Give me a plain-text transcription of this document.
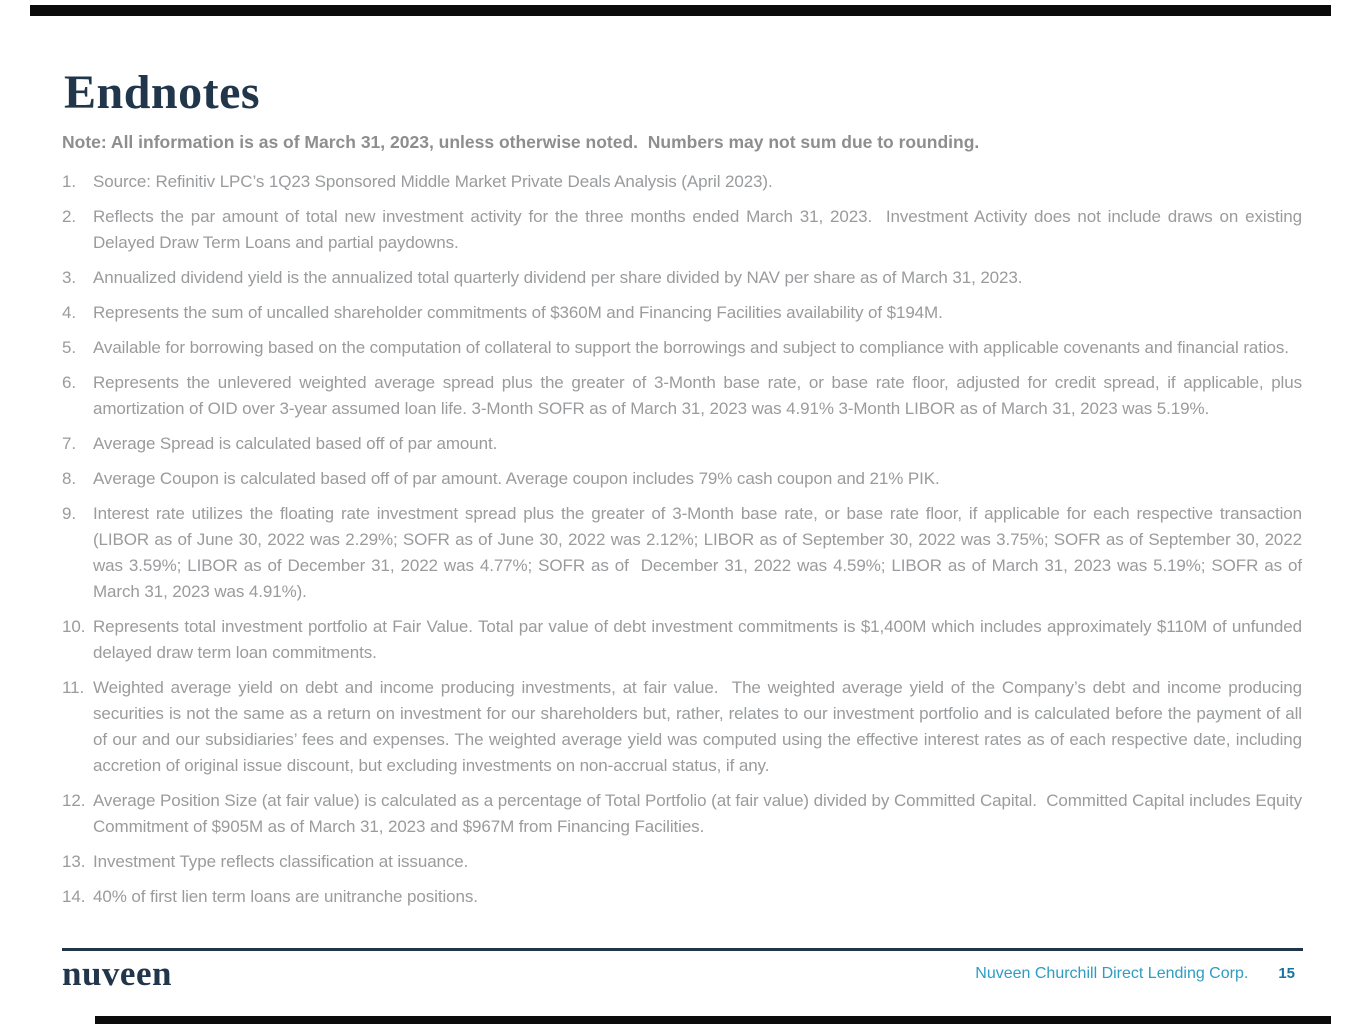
Endnotes

Note: All information is as of March 31, 2023, unless otherwise noted.  Numbers may not sum due to rounding.

1.	Source: Refinitiv LPC’s 1Q23 Sponsored Middle Market Private Deals Analysis (April 2023).
2.	Reflects the par amount of total new investment activity for the three months ended March 31, 2023.  Investment Activity does not include draws on existing Delayed Draw Term Loans and partial paydowns.
3.	Annualized dividend yield is the annualized total quarterly dividend per share divided by NAV per share as of March 31, 2023.
4.	Represents the sum of uncalled shareholder commitments of $360M and Financing Facilities availability of $194M.
5.	Available for borrowing based on the computation of collateral to support the borrowings and subject to compliance with applicable covenants and financial ratios.
6.	Represents the unlevered weighted average spread plus the greater of 3-Month base rate, or base rate floor, adjusted for credit spread, if applicable, plus amortization of OID over 3-year assumed loan life. 3-Month SOFR as of March 31, 2023 was 4.91% 3-Month LIBOR as of March 31, 2023 was 5.19%.
7.	Average Spread is calculated based off of par amount.
8.	Average Coupon is calculated based off of par amount. Average coupon includes 79% cash coupon and 21% PIK.
9.	Interest rate utilizes the floating rate investment spread plus the greater of 3-Month base rate, or base rate floor, if applicable for each respective transaction (LIBOR as of June 30, 2022 was 2.29%; SOFR as of June 30, 2022 was 2.12%; LIBOR as of September 30, 2022 was 3.75%; SOFR as of September 30, 2022 was 3.59%; LIBOR as of December 31, 2022 was 4.77%; SOFR as of  December 31, 2022 was 4.59%; LIBOR as of March 31, 2023 was 5.19%; SOFR as of March 31, 2023 was 4.91%).
10. Represents total investment portfolio at Fair Value. Total par value of debt investment commitments is $1,400M which includes approximately $110M of unfunded delayed draw term loan commitments.
11. Weighted average yield on debt and income producing investments, at fair value.  The weighted average yield of the Company’s debt and income producing securities is not the same as a return on investment for our shareholders but, rather, relates to our investment portfolio and is calculated before the payment of all of our and our subsidiaries’ fees and expenses. The weighted average yield was computed using the effective interest rates as of each respective date, including accretion of original issue discount, but excluding investments on non-accrual status, if any.
12. Average Position Size (at fair value) is calculated as a percentage of Total Portfolio (at fair value) divided by Committed Capital.  Committed Capital includes Equity Commitment of $905M as of March 31, 2023 and $967M from Financing Facilities.
13. Investment Type reflects classification at issuance.
14. 40% of first lien term loans are unitranche positions.
nuveen	Nuveen Churchill Direct Lending Corp. 15
